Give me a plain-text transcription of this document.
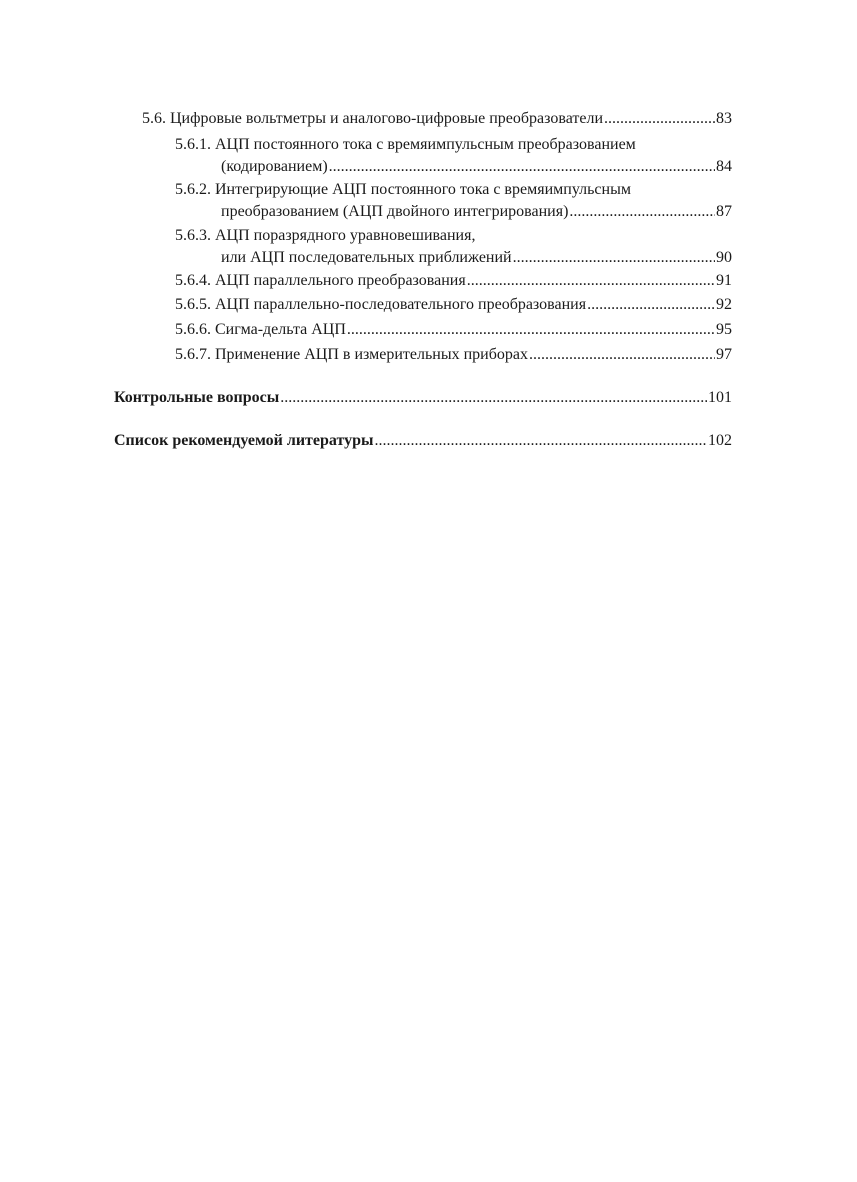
5.6. Цифровые вольтметры и аналогово-цифровые преобразователи .....	83
5.6.1. АЦП постоянного тока с времяимпульсным преобразованием
(кодированием) .....	84
5.6.2. Интегрирующие АЦП постоянного тока с времяимпульсным
преобразованием (АЦП двойного интегрирования) .....	87
5.6.3. АЦП поразрядного уравновешивания,
или АЦП последовательных приближений .....	90
5.6.4. АЦП параллельного преобразования .....	91
5.6.5. АЦП параллельно-последовательного преобразования .....	92
5.6.6. Сигма-дельта АЦП .....	95
5.6.7. Применение АЦП в измерительных приборах .....	97
Контрольные вопросы .....	101
Список рекомендуемой литературы .....	102
